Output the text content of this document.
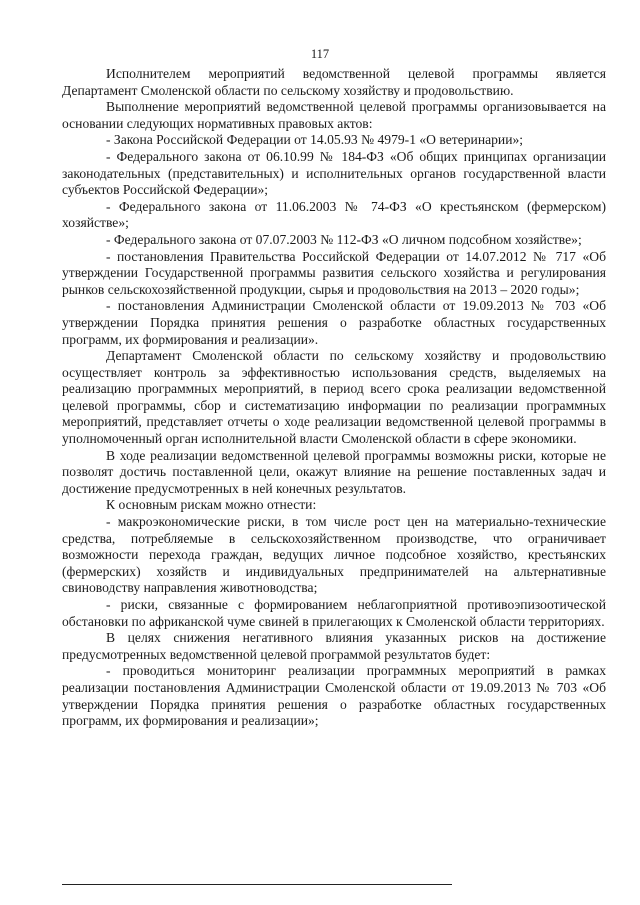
117

Исполнителем мероприятий ведомственной целевой программы является Департамент Смоленской области по сельскому хозяйству и продовольствию.

Выполнение мероприятий ведомственной целевой программы организовывается на основании следующих нормативных правовых актов:

- Закона Российской Федерации от 14.05.93 № 4979-1 «О ветеринарии»;

- Федерального закона от 06.10.99 № 184-ФЗ «Об общих принципах организации законодательных (представительных) и исполнительных органов государственной власти субъектов Российской Федерации»;

- Федерального закона от 11.06.2003 № 74-ФЗ «О крестьянском (фермерском) хозяйстве»;

- Федерального закона от 07.07.2003 № 112-ФЗ «О личном подсобном хозяйстве»;

- постановления Правительства Российской Федерации от 14.07.2012 № 717 «Об утверждении Государственной программы развития сельского хозяйства и регулирования рынков сельскохозяйственной продукции, сырья и продовольствия на 2013 – 2020 годы»;

- постановления Администрации Смоленской области от 19.09.2013 № 703 «Об утверждении Порядка принятия решения о разработке областных государственных программ, их формирования и реализации».

Департамент Смоленской области по сельскому хозяйству и продовольствию осуществляет контроль за эффективностью использования средств, выделяемых на реализацию программных мероприятий, в период всего срока реализации ведомственной целевой программы, сбор и систематизацию информации по реализации программных мероприятий, представляет отчеты о ходе реализации ведомственной целевой программы в уполномоченный орган исполнительной власти Смоленской области в сфере экономики.

В ходе реализации ведомственной целевой программы возможны риски, которые не позволят достичь поставленной цели, окажут влияние на решение поставленных задач и достижение предусмотренных в ней конечных результатов.

К основным рискам можно отнести:

- макроэкономические риски, в том числе рост цен на материально-технические средства, потребляемые в сельскохозяйственном производстве, что ограничивает возможности перехода граждан, ведущих личное подсобное хозяйство, крестьянских (фермерских) хозяйств и индивидуальных предпринимателей на альтернативные свиноводству направления животноводства;

- риски, связанные с формированием неблагоприятной противоэпизоотической обстановки по африканской чуме свиней в прилегающих к Смоленской области территориях.

В целях снижения негативного влияния указанных рисков на достижение предусмотренных ведомственной целевой программой результатов будет:

- проводиться мониторинг реализации программных мероприятий в рамках реализации постановления Администрации Смоленской области от 19.09.2013 № 703 «Об утверждении Порядка принятия решения о разработке областных государственных программ, их формирования и реализации»;
